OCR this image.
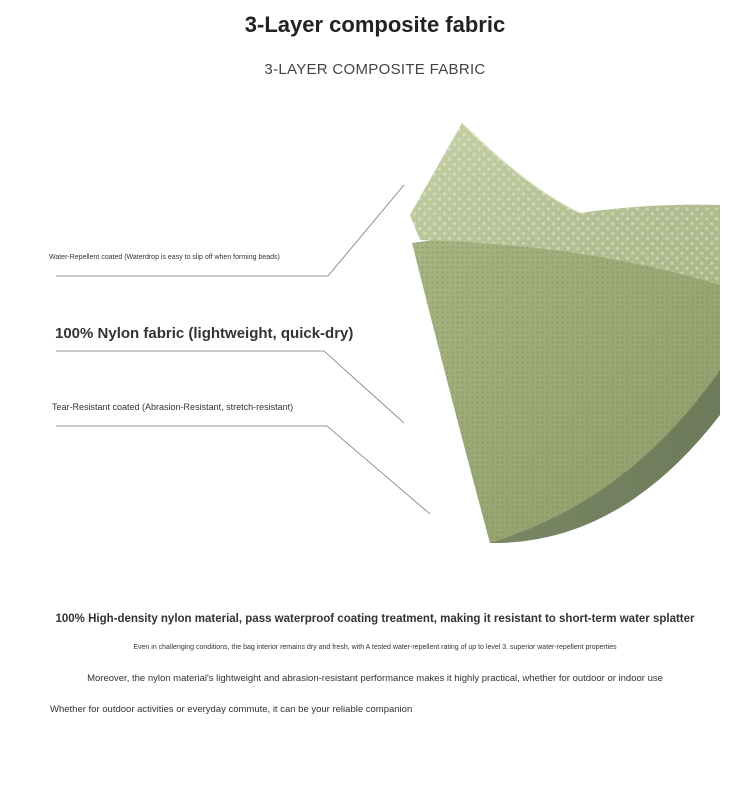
3-Layer composite fabric
3-LAYER COMPOSITE FABRIC
Water-Repellent coated (Waterdrop is easy to slip off when forming beads)
100% Nylon fabric (lightweight, quick-dry)
Tear-Resistant coated (Abrasion-Resistant, stretch-resistant)
100% High-density nylon material, pass waterproof coating treatment, making it resistant to short-term water splatter
Even in challenging conditions, the bag interior remains dry and fresh, with A tested water-repellent rating of up to level 3. superior water-repellent properties
Moreover, the nylon material's lightweight and abrasion-resistant performance makes it highly practical, whether for outdoor or indoor use
Whether for outdoor activities or everyday commute, it can be your reliable companion
